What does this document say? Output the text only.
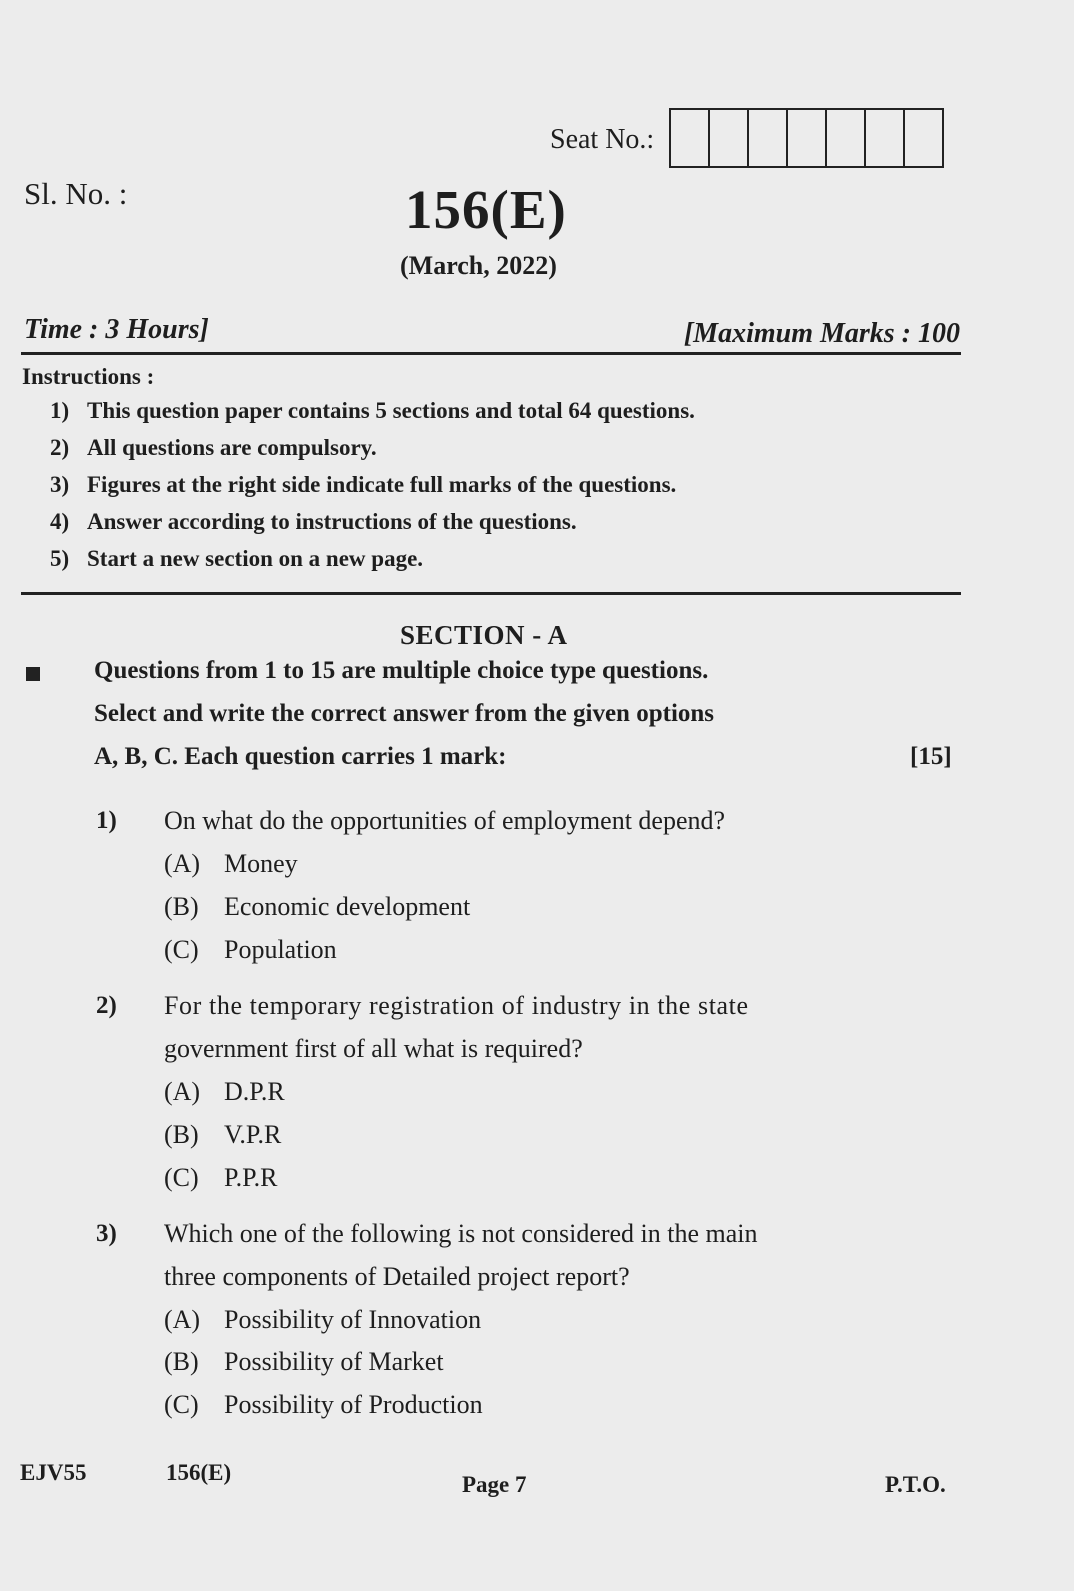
Seat No.:
Sl. No. :	156(E)
(March, 2022)
Time : 3 Hours]	[Maximum Marks : 100
Instructions :
1) This question paper contains 5 sections and total 64 questions.
2) All questions are compulsory.
3) Figures at the right side indicate full marks of the questions.
4) Answer according to instructions of the questions.
5) Start a new section on a new page.
SECTION - A
Questions from 1 to 15 are multiple choice type questions.
Select and write the correct answer from the given options
A, B, C. Each question carries 1 mark:	[15]
1) On what do the opportunities of employment depend?
(A) Money
(B) Economic development
(C) Population
2) For the temporary registration of industry in the state
government first of all what is required?
(A) D.P.R
(B) V.P.R
(C) P.P.R
3) Which one of the following is not considered in the main
three components of Detailed project report?
(A) Possibility of Innovation
(B) Possibility of Market
(C) Possibility of Production
EJV55	156(E)	Page 7	P.T.O.
